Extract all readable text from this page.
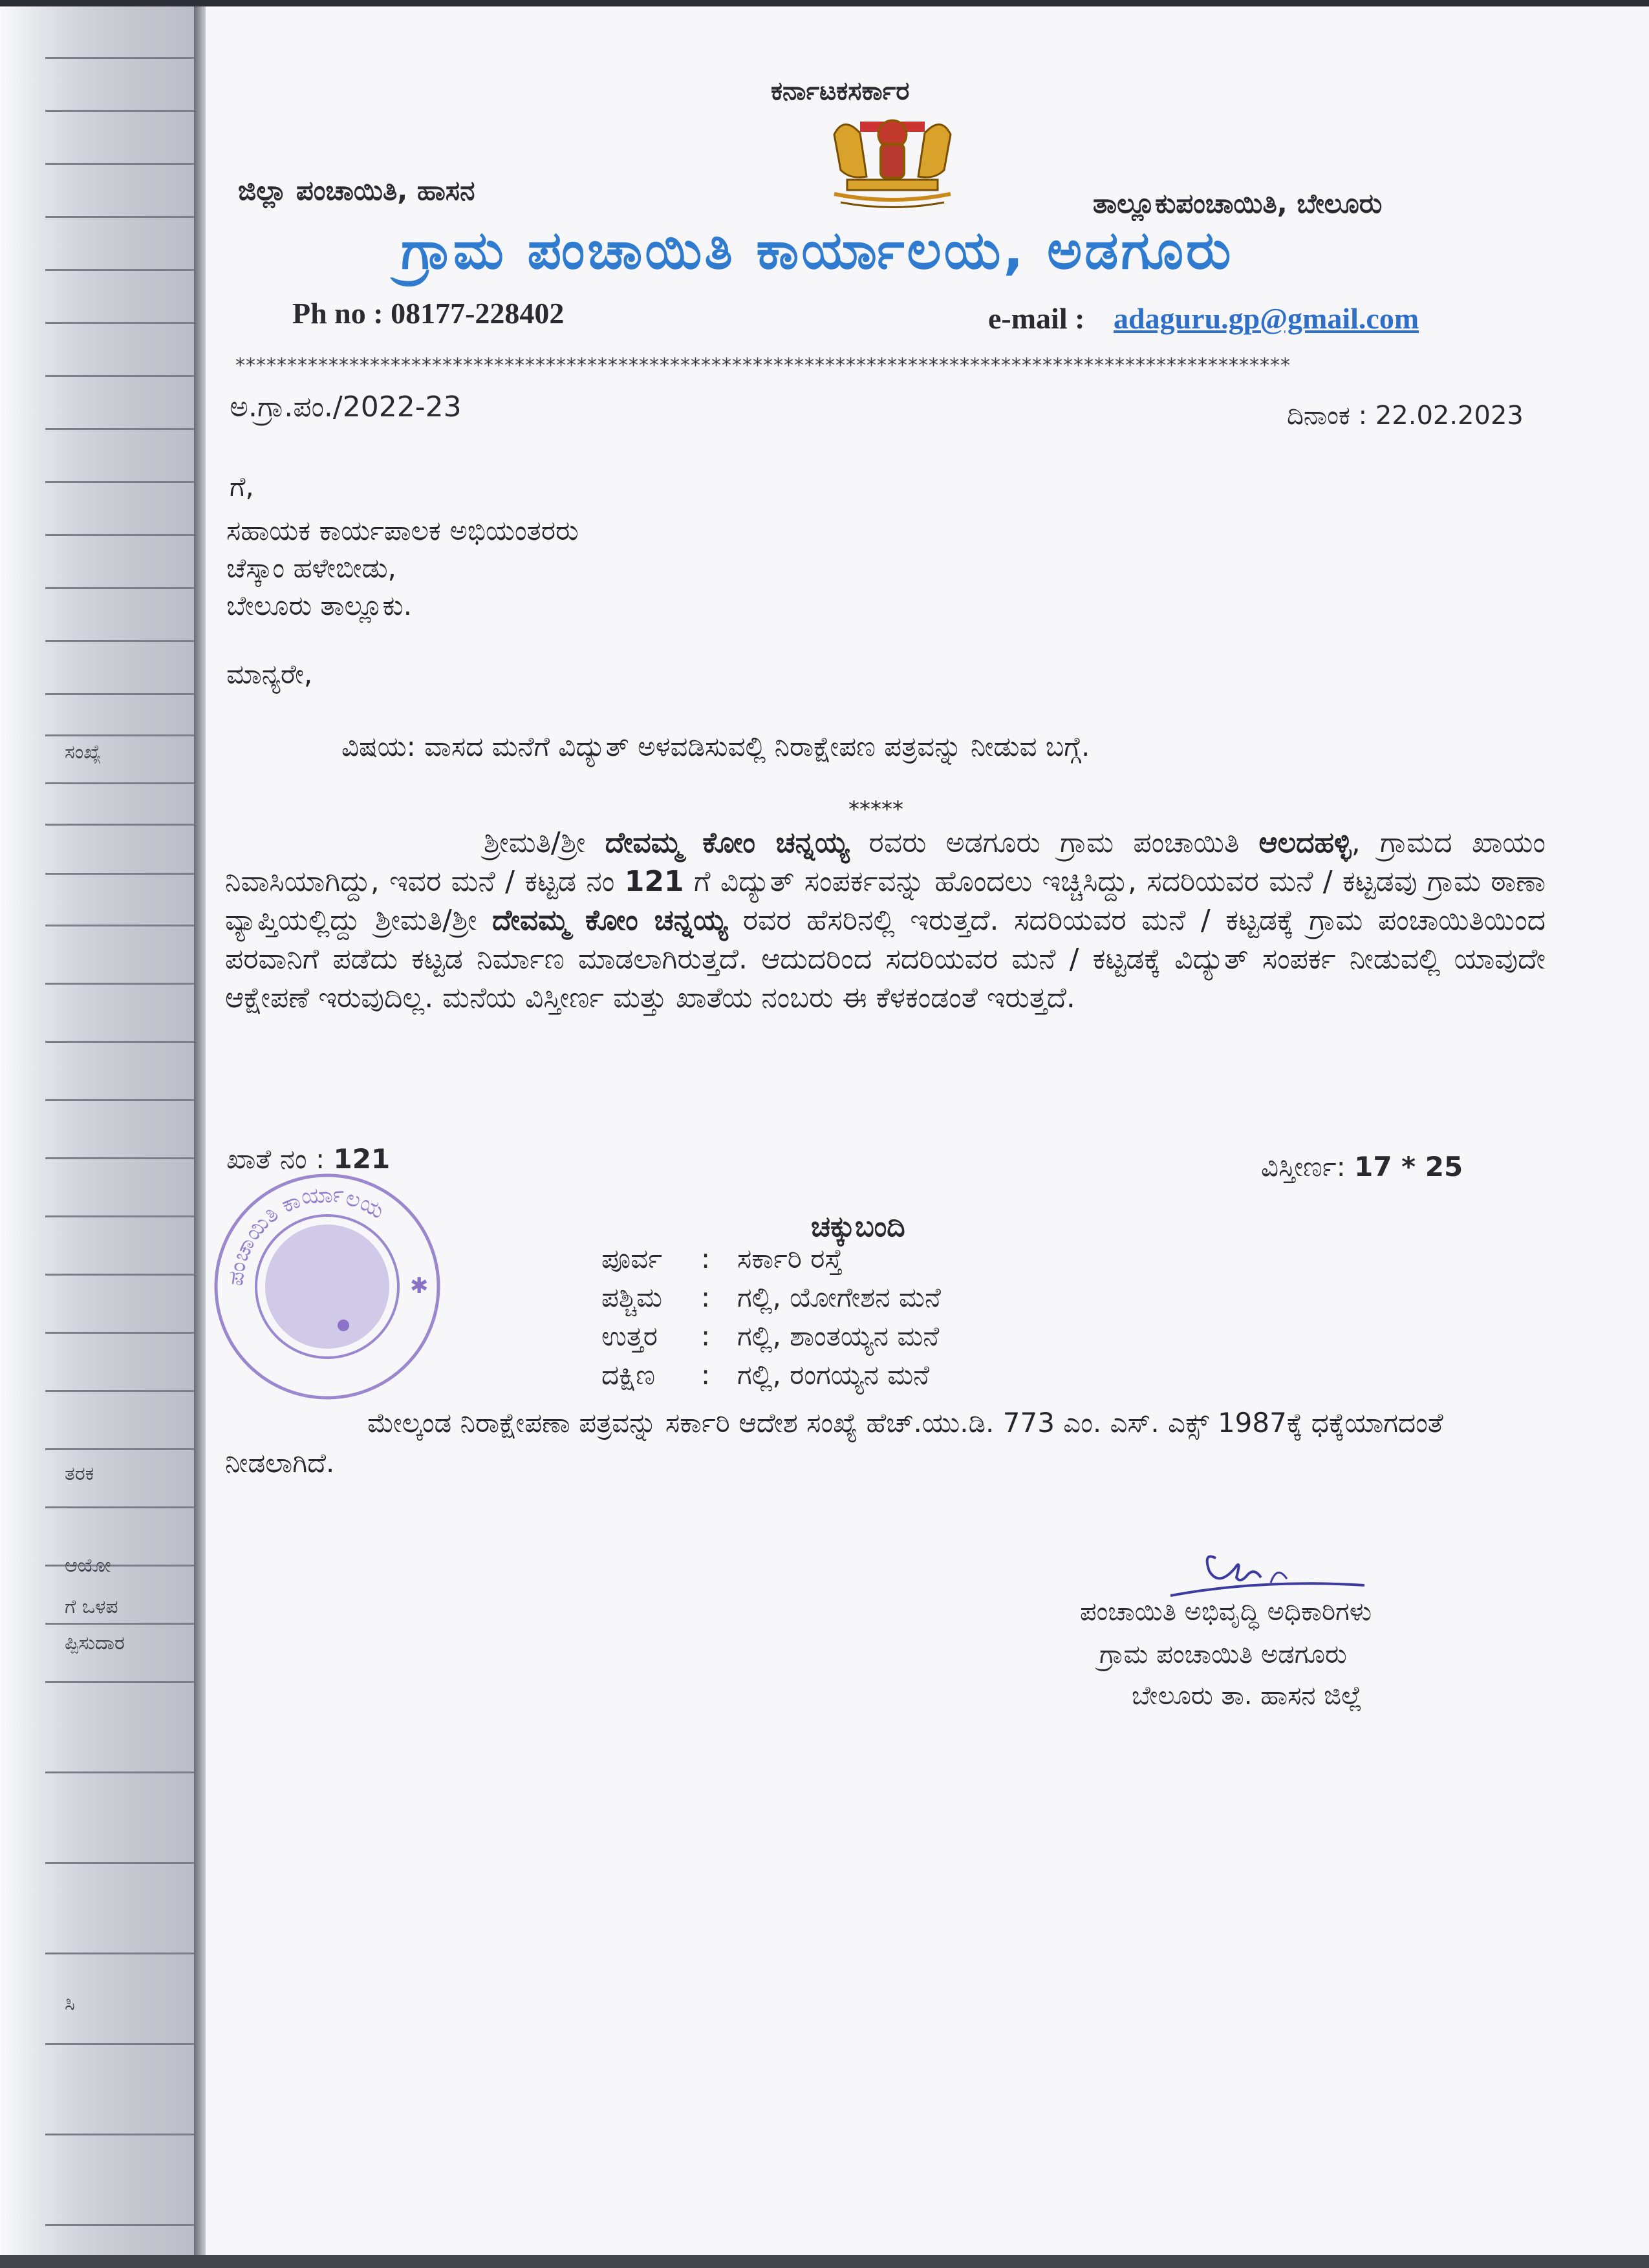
ಸಂಖ್ಯೆ
ತರಕ
ಆಯೋ
ಗೆ ಒಳಪ
ಪ್ಪಿಸುದಾರ
ಸಿ
ಕರ್ನಾಟಕಸರ್ಕಾರ
ಜಿಲ್ಲಾ ಪಂಚಾಯಿತಿ, ಹಾಸನ	ತಾಲ್ಲೂಕುಪಂಚಾಯಿತಿ, ಬೇಲೂರು
ಗ್ರಾಮ ಪಂಚಾಯಿತಿ ಕಾರ್ಯಾಲಯ, ಅಡಗೂರು
Ph no : 08177-228402	e-mail : adaguru.gp@gmail.com
******************************************************************************************************
ಅ.ಗ್ರಾ.ಪಂ./2022-23	ದಿನಾಂಕ : 22.02.2023
ಗೆ,
ಸಹಾಯಕ ಕಾರ್ಯಪಾಲಕ ಅಭಿಯಂತರರು
ಚೆಸ್ಕಾಂ ಹಳೇಬೀಡು,
ಬೇಲೂರು ತಾಲ್ಲೂಕು.
ಮಾನ್ಯರೇ,
ವಿಷಯ: ವಾಸದ ಮನೆಗೆ ವಿದ್ಯುತ್ ಅಳವಡಿಸುವಲ್ಲಿ ನಿರಾಕ್ಷೇಪಣ ಪತ್ರವನ್ನು ನೀಡುವ ಬಗ್ಗೆ.
*****
ಶ್ರೀಮತಿ/ಶ್ರೀ ದೇವಮ್ಮ ಕೋಂ ಚನ್ನಯ್ಯ ರವರು ಅಡಗೂರು ಗ್ರಾಮ ಪಂಚಾಯಿತಿ ಆಲದಹಳ್ಳಿ, ಗ್ರಾಮದ ಖಾಯಂ ನಿವಾಸಿಯಾಗಿದ್ದು, ಇವರ ಮನೆ / ಕಟ್ಟಡ ನಂ 121 ಗೆ ವಿದ್ಯುತ್ ಸಂಪರ್ಕವನ್ನು ಹೊಂದಲು ಇಚ್ಚಿಸಿದ್ದು, ಸದರಿಯವರ ಮನೆ / ಕಟ್ಟಡವು ಗ್ರಾಮ ಠಾಣಾ ವ್ಯಾಪ್ತಿಯಲ್ಲಿದ್ದು ಶ್ರೀಮತಿ/ಶ್ರೀ ದೇವಮ್ಮ ಕೋಂ ಚನ್ನಯ್ಯ ರವರ ಹೆಸರಿನಲ್ಲಿ ಇರುತ್ತದೆ. ಸದರಿಯವರ ಮನೆ / ಕಟ್ಟಡಕ್ಕೆ ಗ್ರಾಮ ಪಂಚಾಯಿತಿಯಿಂದ ಪರವಾನಿಗೆ ಪಡೆದು ಕಟ್ಟಡ ನಿರ್ಮಾಣ ಮಾಡಲಾಗಿರುತ್ತದೆ. ಆದುದರಿಂದ ಸದರಿಯವರ ಮನೆ / ಕಟ್ಟಡಕ್ಕೆ ವಿದ್ಯುತ್ ಸಂಪರ್ಕ ನೀಡುವಲ್ಲಿ ಯಾವುದೇ ಆಕ್ಷೇಪಣೆ ಇರುವುದಿಲ್ಲ. ಮನೆಯ ವಿಸ್ತೀರ್ಣ ಮತ್ತು ಖಾತೆಯ ನಂಬರು ಈ ಕೆಳಕಂಡಂತೆ ಇರುತ್ತದೆ.
ಖಾತೆ ನಂ : 121	ವಿಸ್ತೀರ್ಣ: 17 * 25
ಚಕ್ಕುಬಂದಿ
ಪೂರ್ವ : ಸರ್ಕಾರಿ ರಸ್ತೆ
ಪಶ್ಚಿಮ : ಗಲ್ಲಿ, ಯೋಗೇಶನ ಮನೆ
ಉತ್ತರ : ಗಲ್ಲಿ, ಶಾಂತಯ್ಯನ ಮನೆ
ದಕ್ಷಿಣ : ಗಲ್ಲಿ, ರಂಗಯ್ಯನ ಮನೆ
ಮೇಲ್ಕಂಡ ನಿರಾಕ್ಷೇಪಣಾ ಪತ್ರವನ್ನು ಸರ್ಕಾರಿ ಆದೇಶ ಸಂಖ್ಯೆ ಹೆಚ್.ಯು.ಡಿ. 773 ಎಂ. ಎಸ್. ಎಕ್ಸ್ 1987ಕ್ಕೆ ಧಕ್ಕೆಯಾಗದಂತೆ ನೀಡಲಾಗಿದೆ.
ಪಂಚಾಯಿತಿ ಕಾರ್ಯಾಲಯ
✱
ಪಂಚಾಯಿತಿ ಅಭಿವೃದ್ಧಿ ಅಧಿಕಾರಿಗಳು
ಗ್ರಾಮ ಪಂಚಾಯಿತಿ ಅಡಗೂರು
ಬೇಲೂರು ತಾ. ಹಾಸನ ಜಿಲ್ಲೆ
